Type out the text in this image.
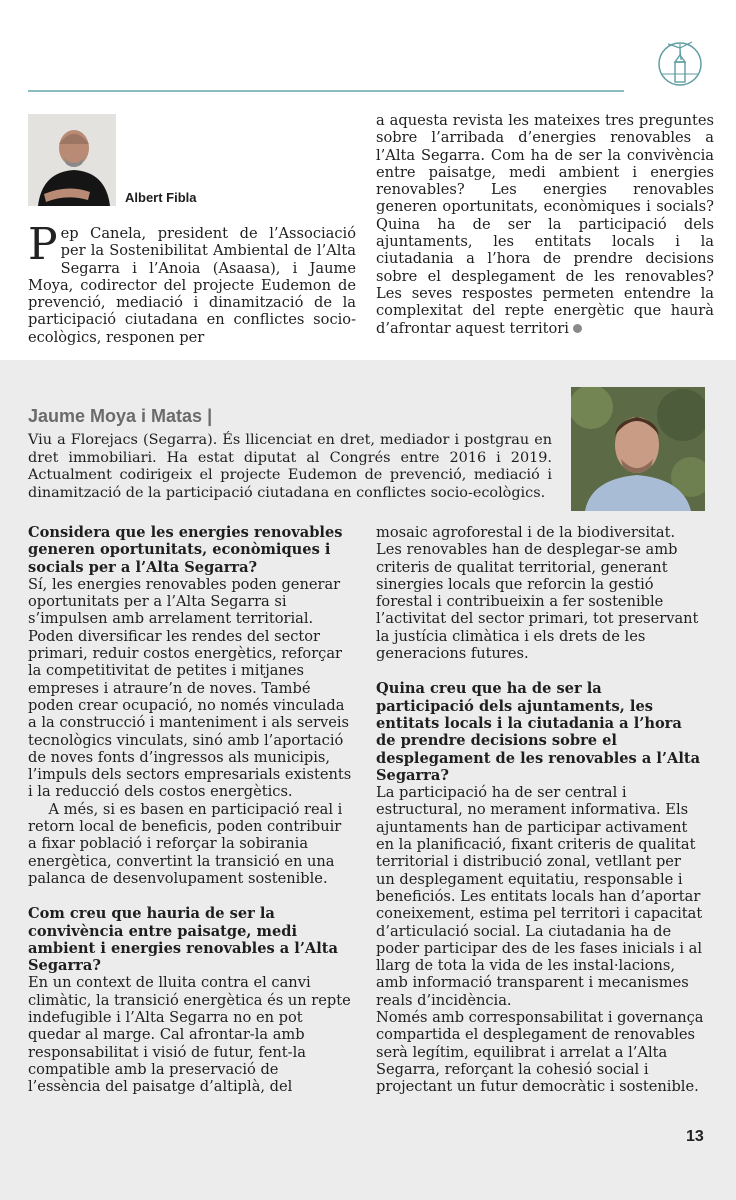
Albert Fibla
Pep Canela, president de l’Associació per la Sostenibilitat Ambiental de l’Alta Segarra i l’Anoia (Asaasa), i Jaume Moya, codirector del projecte Eudemon de prevenció, mediació i dinamització de la participació ciutadana en conflictes socio-ecològics, responen per
a aquesta revista les mateixes tres preguntes sobre l’arribada d’energies renovables a l’Alta Segarra. Com ha de ser la convivència entre paisatge, medi ambient i energies renovables? Les energies renovables generen oportunitats, econòmiques i socials? Quina ha de ser la participació dels ajuntaments, les entitats locals i la ciutadania a l’hora de prendre decisions sobre el desplegament de les renovables? Les seves respostes permeten entendre la complexitat del repte energètic que haurà d’afrontar aquest territori
Jaume Moya i Matas |
Viu a Florejacs (Segarra). És llicenciat en dret, mediador i postgrau en dret immobiliari. Ha estat diputat al Congrés entre 2016 i 2019. Actualment codirigeix el projecte Eudemon de prevenció, mediació i dinamització de la participació ciutadana en conflictes socio-ecològics.

Considera que les energies renovables generen oportunitats, econòmiques i socials per a l’Alta Segarra?

Sí, les energies renovables poden generar oportunitats per a l’Alta Segarra si s’impulsen amb arrelament territorial. Poden diversificar les rendes del sector primari, reduir costos energètics, reforçar la competitivitat de petites i mitjanes empreses i atraure’n de noves. També poden crear ocupació, no només vinculada a la construcció i manteniment i als serveis tecnològics vinculats, sinó amb l’aportació de noves fonts d’ingressos als municipis, l’impuls dels sectors empresarials existents i la reducció dels costos energètics.

A més, si es basen en participació real i retorn local de beneficis, poden contribuir a fixar població i reforçar la sobirania energètica, convertint la transició en una palanca de desenvolupament sostenible.

Com creu que hauria de ser la convivència entre paisatge, medi ambient i energies renovables a l’Alta Segarra?

En un context de lluita contra el canvi climàtic, la transició energètica és un repte indefugible i l’Alta Segarra no en pot quedar al marge. Cal afrontar-la amb responsabilitat i visió de futur, fent-la compatible amb la preservació de l’essència del paisatge d’altiplà, del

mosaic agroforestal i de la biodiversitat. Les renovables han de desplegar-se amb criteris de qualitat territorial, generant sinergies locals que reforcin la gestió forestal i contribueixin a fer sostenible l’activitat del sector primari, tot preservant la justícia climàtica i els drets de les generacions futures.

Quina creu que ha de ser la participació dels ajuntaments, les entitats locals i la ciutadania a l’hora de prendre decisions sobre el desplegament de les renovables a l’Alta Segarra?

La participació ha de ser central i estructural, no merament informativa. Els ajuntaments han de participar activament en la planificació, fixant criteris de qualitat territorial i distribució zonal, vetllant per un desplegament equitatiu, responsable i beneficiós. Les entitats locals han d’aportar coneixement, estima pel territori i capacitat d’articulació social. La ciutadania ha de poder participar des de les fases inicials i al llarg de tota la vida de les instal·lacions, amb informació transparent i mecanismes reals d’incidència.

Només amb corresponsabilitat i governança compartida el desplegament de renovables serà legítim, equilibrat i arrelat a l’Alta Segarra, reforçant la cohesió social i projectant un futur democràtic i sostenible.

13
